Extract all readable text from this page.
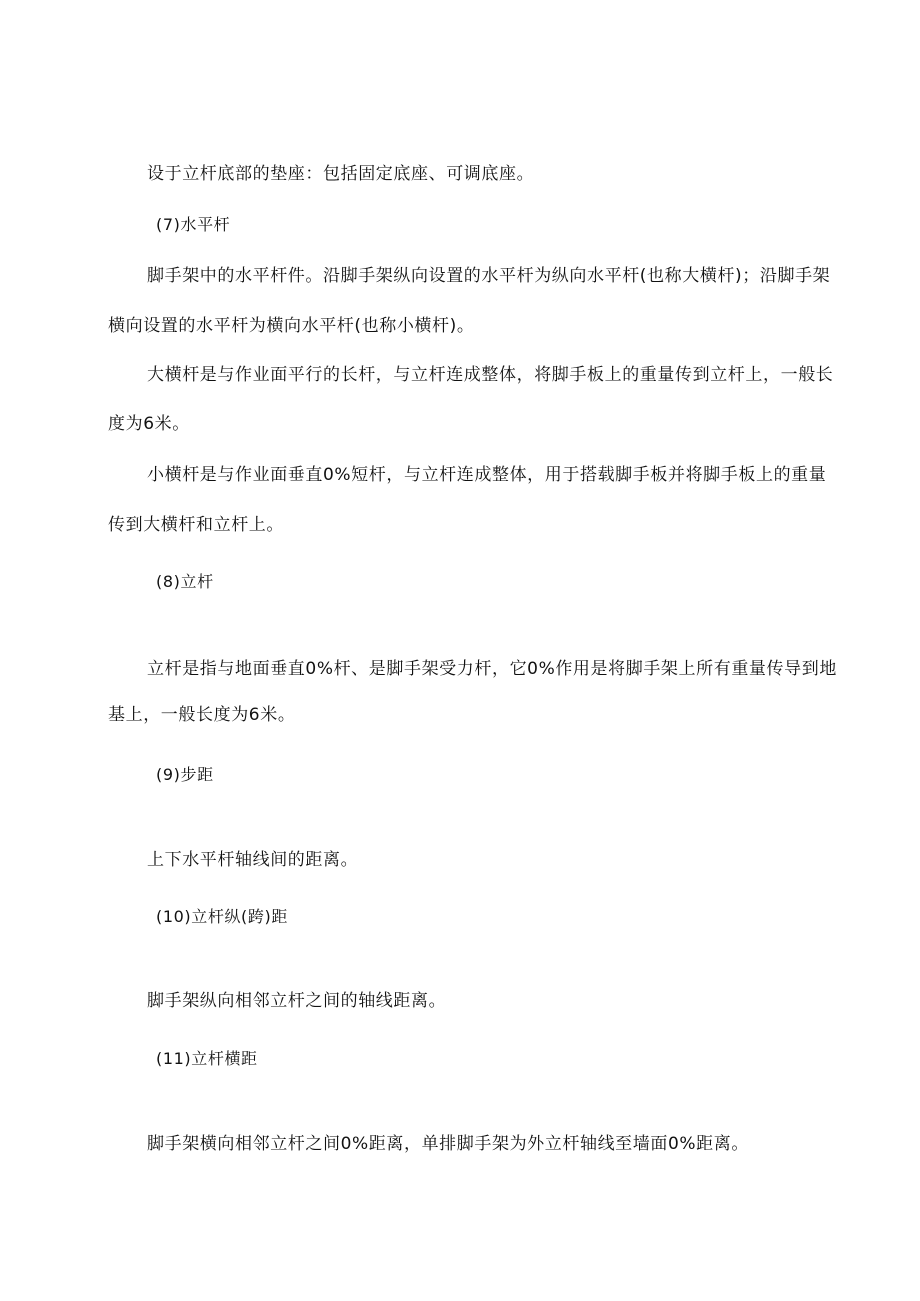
设于立杆底部的垫座：包括固定底座、可调底座。

(7)水平杆

脚手架中的水平杆件。沿脚手架纵向设置的水平杆为纵向水平杆(也称大横杆)；沿脚手架

横向设置的水平杆为横向水平杆(也称小横杆)。

大横杆是与作业面平行的长杆，与立杆连成整体，将脚手板上的重量传到立杆上，一般长

度为6米。

小横杆是与作业面垂直0%短杆，与立杆连成整体，用于搭载脚手板并将脚手板上的重量

传到大横杆和立杆上。

(8)立杆

立杆是指与地面垂直0%杆、是脚手架受力杆，它0%作用是将脚手架上所有重量传导到地

基上，一般长度为6米。

(9)步距

上下水平杆轴线间的距离。

(10)立杆纵(跨)距

脚手架纵向相邻立杆之间的轴线距离。

(11)立杆横距

脚手架横向相邻立杆之间0%距离，单排脚手架为外立杆轴线至墙面0%距离。
